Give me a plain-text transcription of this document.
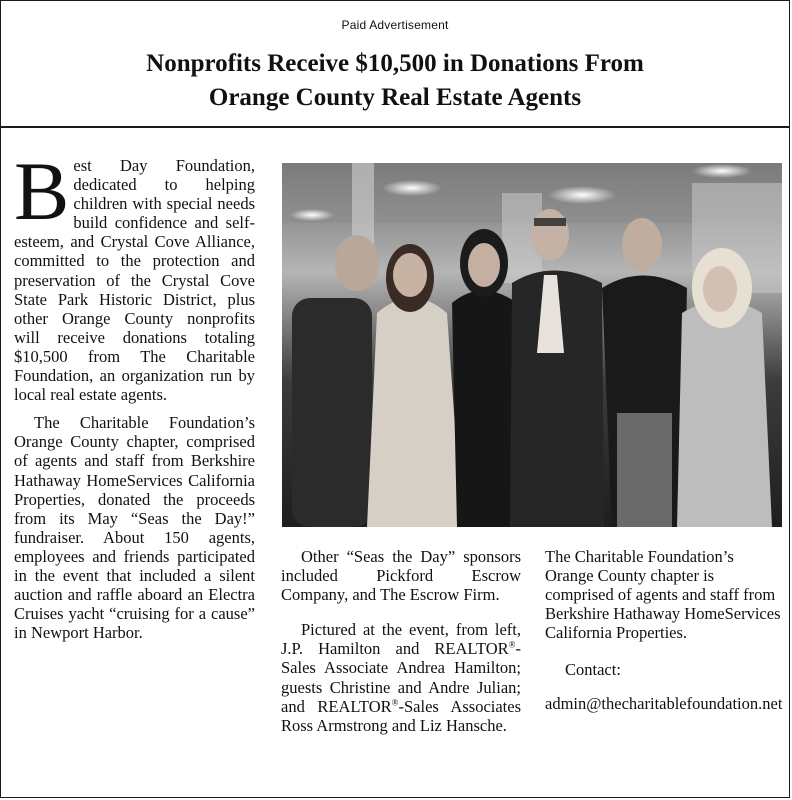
Paid Advertisement
Nonprofits Receive $10,500 in Donations From
Orange County Real Estate Agents

Best Day Foundation, dedicated to helping children with special needs build confidence and self-esteem, and Crystal Cove Alliance, committed to the protection and preservation of the Crystal Cove State Park Historic District, plus other Orange County nonprofits will receive donations totaling $10,500 from The Charitable Foundation, an organization run by local real estate agents.

The Charitable Foundation’s Orange County chapter, comprised of agents and staff from Berkshire Hathaway HomeServices California Properties, donated the proceeds from its May “Seas the Day!” fundraiser. About 150 agents, employees and friends participated in the event that included a silent auction and raffle aboard an Electra Cruises yacht “cruising for a cause” in Newport Harbor.

Other “Seas the Day” sponsors included Pickford Escrow Company, and The Escrow Firm.

Pictured at the event, from left, J.P. Hamilton and REALTOR®-Sales Associate Andrea Hamilton; guests Christine and Andre Julian; and REALTOR®-Sales Associates Ross Armstrong and Liz Hansche.

The Charitable Foundation’s Orange County chapter is comprised of agents and staff from Berkshire Hathaway HomeServices California Properties.

Contact:

admin@thecharitablefoundation.net
